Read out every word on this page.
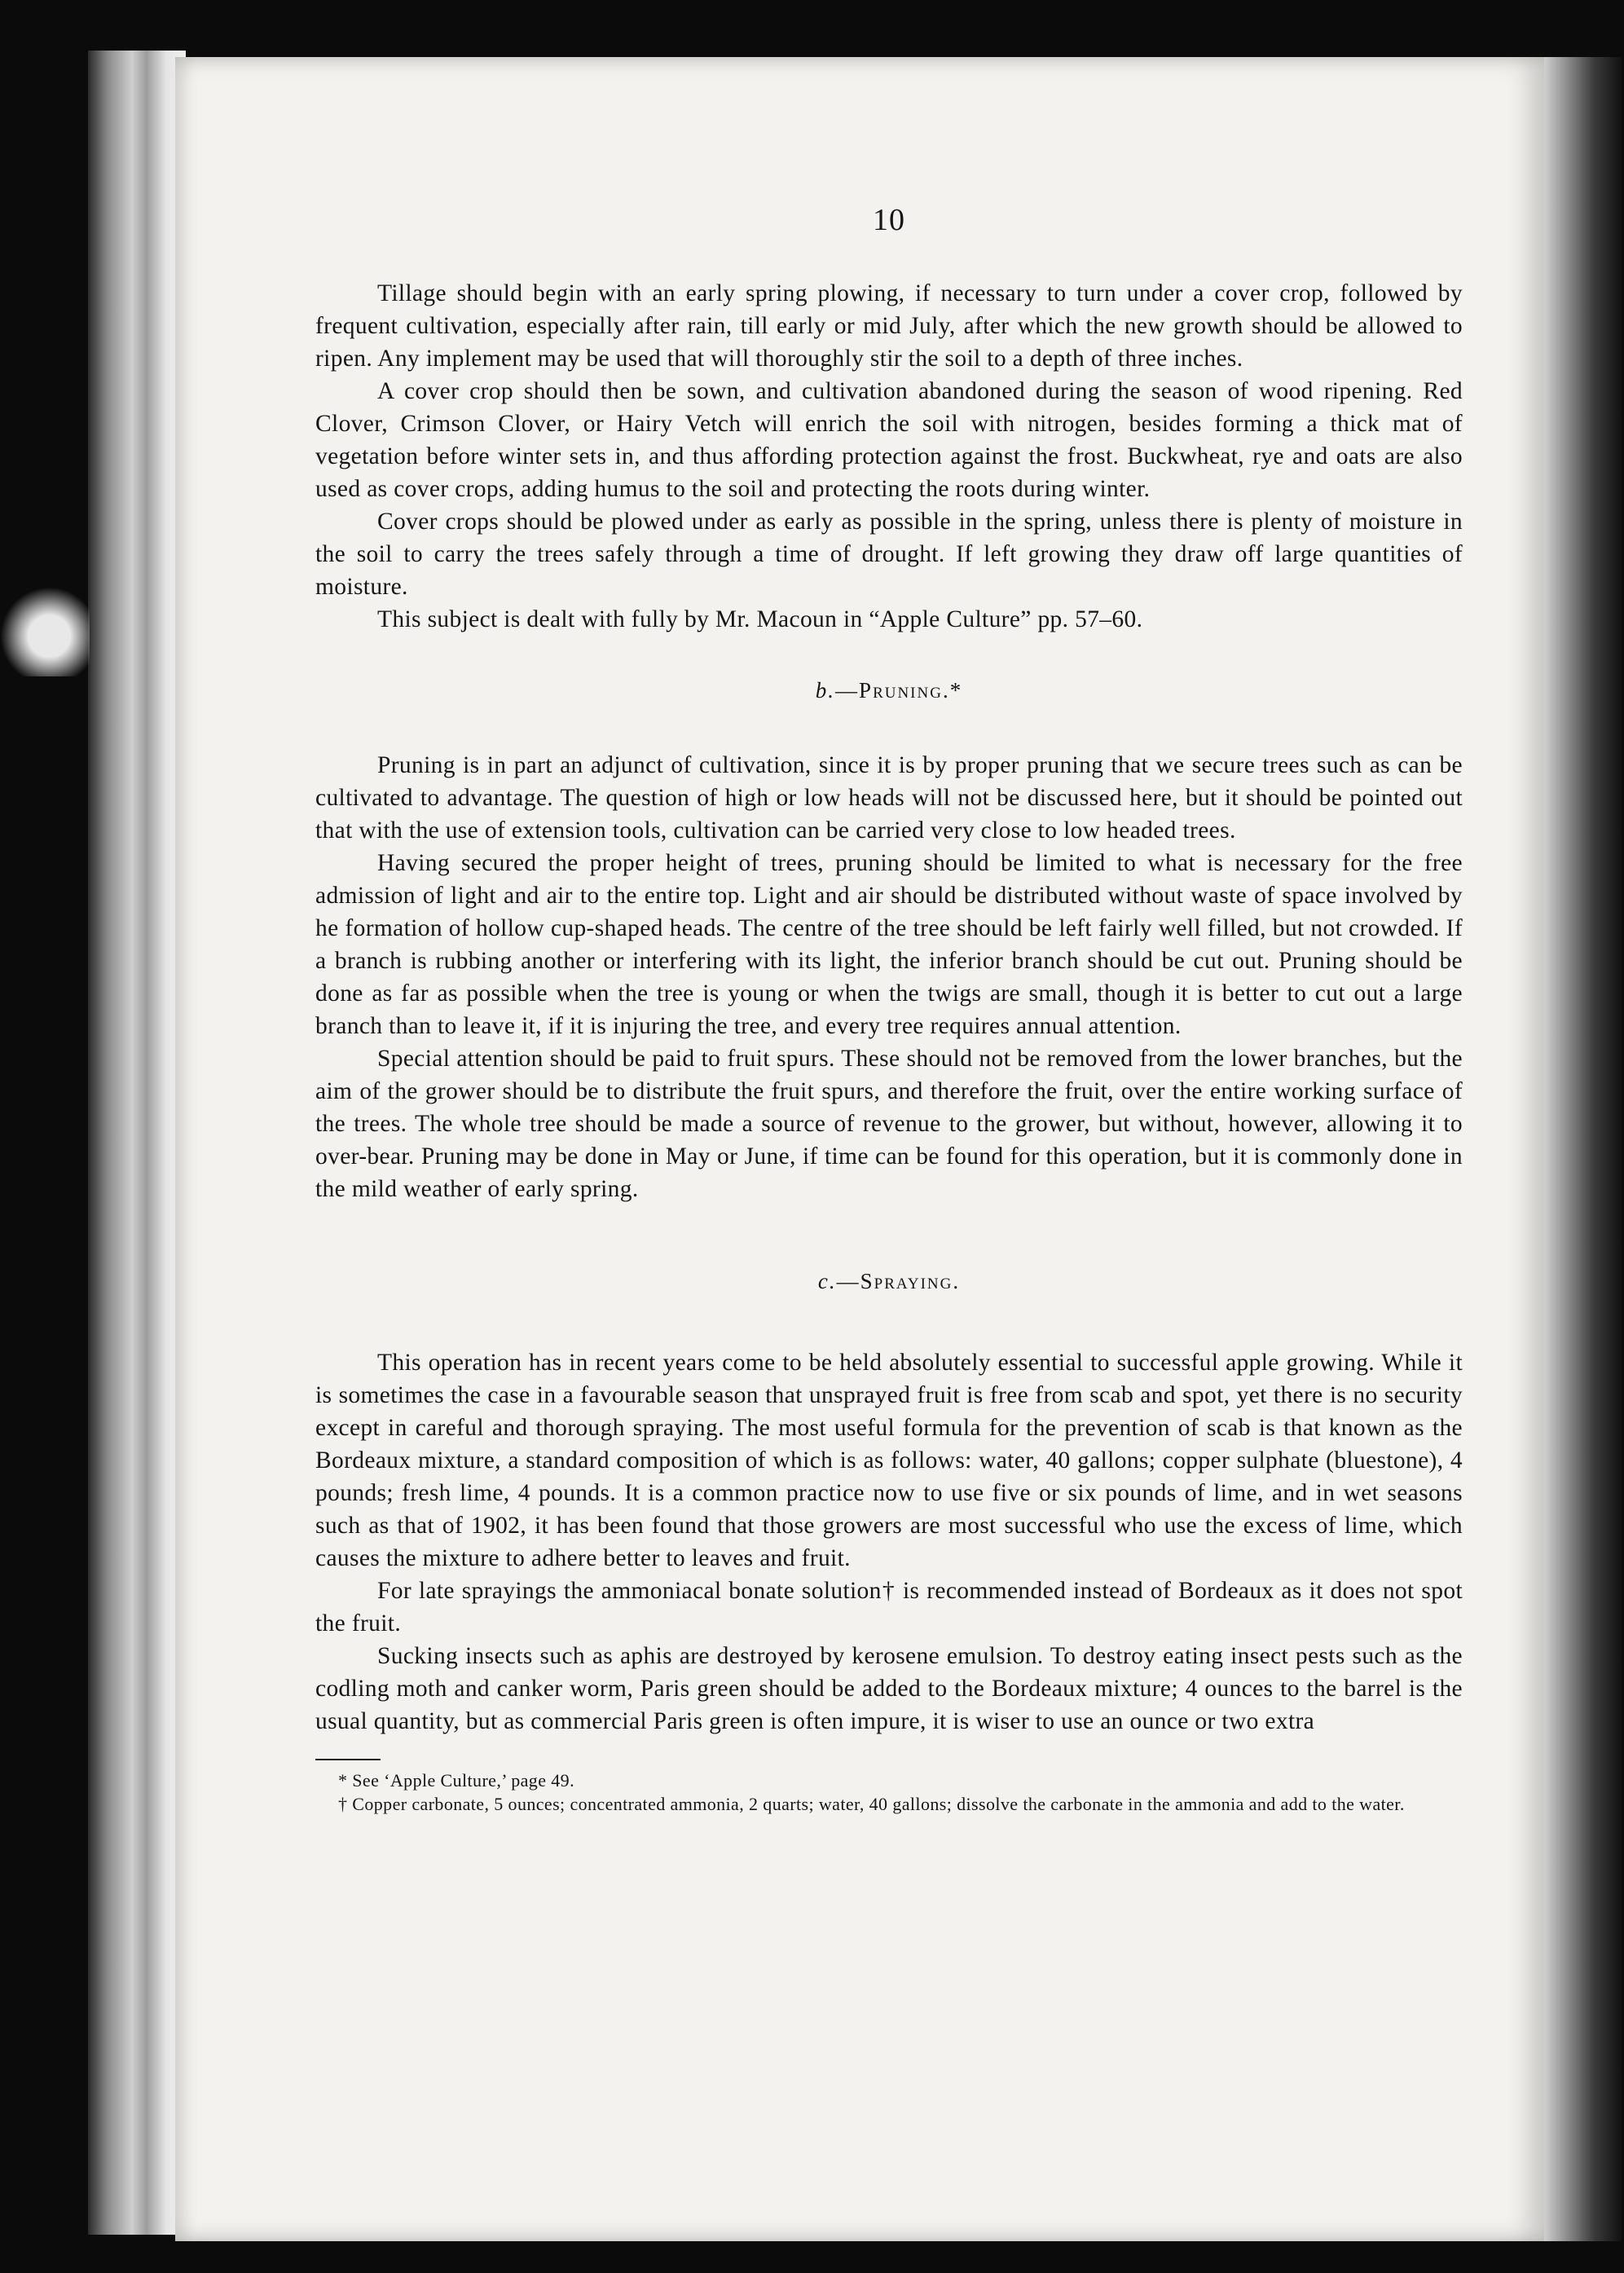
10

Tillage should begin with an early spring plowing, if necessary to turn under a cover crop, followed by frequent cultivation, especially after rain, till early or mid July, after which the new growth should be allowed to ripen. Any implement may be used that will thoroughly stir the soil to a depth of three inches.

A cover crop should then be sown, and cultivation abandoned during the season of wood ripening. Red Clover, Crimson Clover, or Hairy Vetch will enrich the soil with nitrogen, besides forming a thick mat of vegetation before winter sets in, and thus affording protection against the frost. Buckwheat, rye and oats are also used as cover crops, adding humus to the soil and protecting the roots during winter.

Cover crops should be plowed under as early as possible in the spring, unless there is plenty of moisture in the soil to carry the trees safely through a time of drought. If left growing they draw off large quantities of moisture.

This subject is dealt with fully by Mr. Macoun in “Apple Culture” pp. 57–60.

b.—Pruning.*

Pruning is in part an adjunct of cultivation, since it is by proper pruning that we secure trees such as can be cultivated to advantage. The question of high or low heads will not be discussed here, but it should be pointed out that with the use of extension tools, cultivation can be carried very close to low headed trees.

Having secured the proper height of trees, pruning should be limited to what is necessary for the free admission of light and air to the entire top. Light and air should be distributed without waste of space involved by he formation of hollow cup-shaped heads. The centre of the tree should be left fairly well filled, but not crowded. If a branch is rubbing another or interfering with its light, the inferior branch should be cut out. Pruning should be done as far as possible when the tree is young or when the twigs are small, though it is better to cut out a large branch than to leave it, if it is injuring the tree, and every tree requires annual attention.

Special attention should be paid to fruit spurs. These should not be removed from the lower branches, but the aim of the grower should be to distribute the fruit spurs, and therefore the fruit, over the entire working surface of the trees. The whole tree should be made a source of revenue to the grower, but without, however, allowing it to over-bear. Pruning may be done in May or June, if time can be found for this operation, but it is commonly done in the mild weather of early spring.

c.—Spraying.

This operation has in recent years come to be held absolutely essential to successful apple growing. While it is sometimes the case in a favourable season that unsprayed fruit is free from scab and spot, yet there is no security except in careful and thorough spraying. The most useful formula for the prevention of scab is that known as the Bordeaux mixture, a standard composition of which is as follows: water, 40 gallons; copper sulphate (bluestone), 4 pounds; fresh lime, 4 pounds. It is a common practice now to use five or six pounds of lime, and in wet seasons such as that of 1902, it has been found that those growers are most successful who use the excess of lime, which causes the mixture to adhere better to leaves and fruit.

For late sprayings the ammoniacal bonate solution† is recommended instead of Bordeaux as it does not spot the fruit.

Sucking insects such as aphis are destroyed by kerosene emulsion. To destroy eating insect pests such as the codling moth and canker worm, Paris green should be added to the Bordeaux mixture; 4 ounces to the barrel is the usual quantity, but as commercial Paris green is often impure, it is wiser to use an ounce or two extra

* See ‘Apple Culture,’ page 49.

† Copper carbonate, 5 ounces; concentrated ammonia, 2 quarts; water, 40 gallons; dissolve the carbonate in the ammonia and add to the water.
